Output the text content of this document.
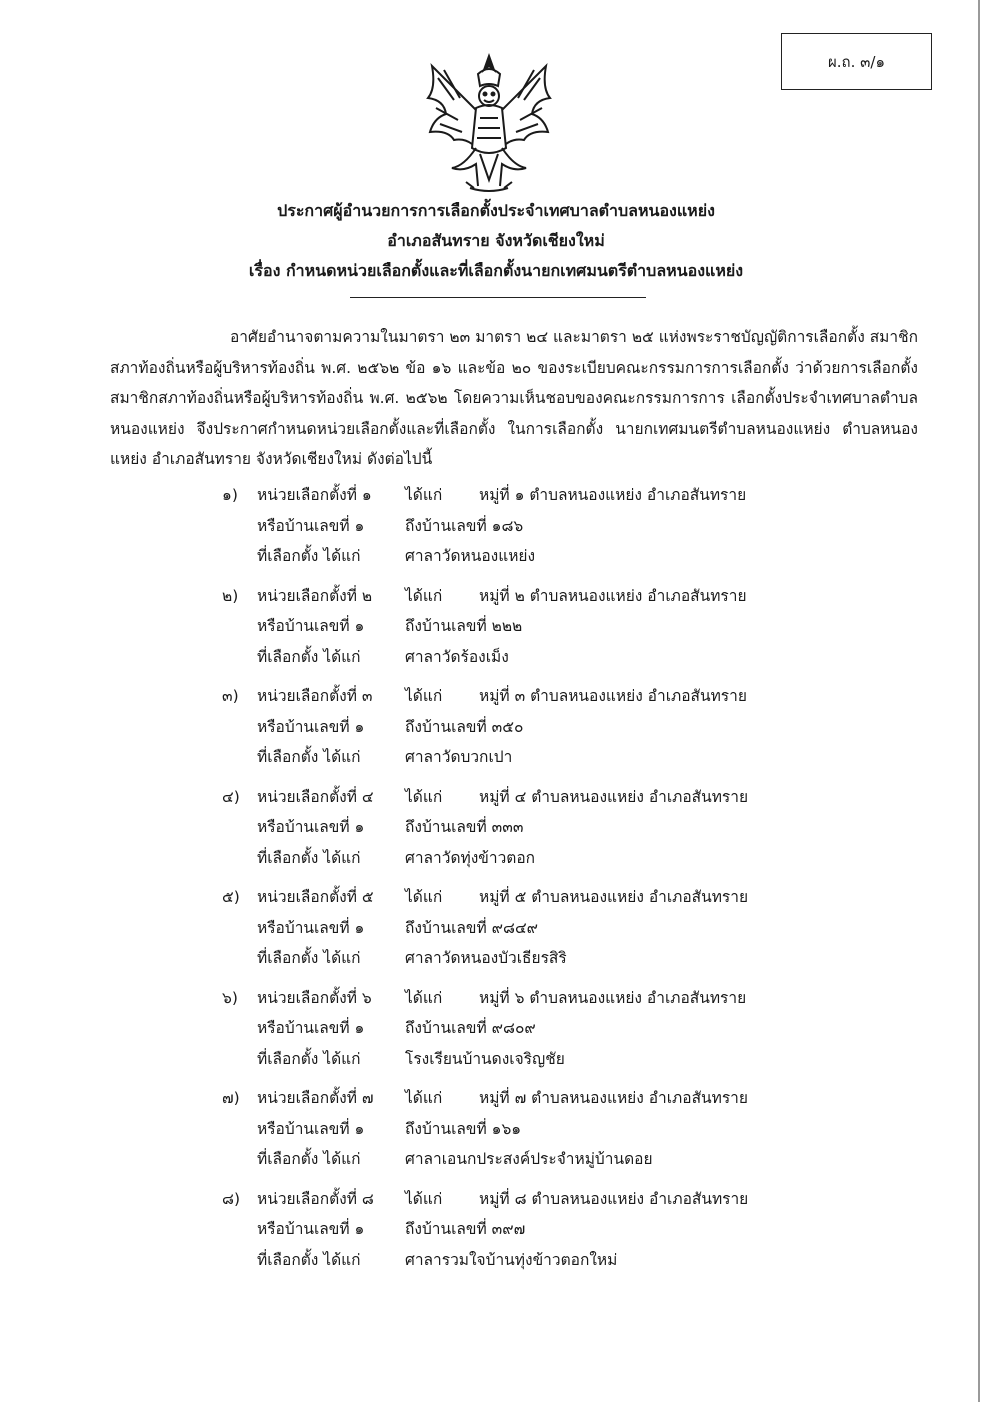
ผ.ถ. ๓/๑
ประกาศผู้อำนวยการการเลือกตั้งประจำเทศบาลตำบลหนองแหย่ง
อำเภอสันทราย จังหวัดเชียงใหม่
เรื่อง กำหนดหน่วยเลือกตั้งและที่เลือกตั้งนายกเทศมนตรีตำบลหนองแหย่ง
อาศัยอำนาจตามความในมาตรา ๒๓ มาตรา ๒๔ และมาตรา ๒๕ แห่งพระราชบัญญัติการเลือกตั้ง สมาชิกสภาท้องถิ่นหรือผู้บริหารท้องถิ่น พ.ศ. ๒๕๖๒ ข้อ ๑๖ และข้อ ๒๐ ของระเบียบคณะกรรมการการเลือกตั้ง ว่าด้วยการเลือกตั้งสมาชิกสภาท้องถิ่นหรือผู้บริหารท้องถิ่น พ.ศ. ๒๕๖๒ โดยความเห็นชอบของคณะกรรมการการ เลือกตั้งประจำเทศบาลตำบลหนองแหย่ง จึงประกาศกำหนดหน่วยเลือกตั้งและที่เลือกตั้ง ในการเลือกตั้ง นายกเทศมนตรีตำบลหนองแหย่ง ตำบลหนองแหย่ง อำเภอสันทราย จังหวัดเชียงใหม่ ดังต่อไปนี้
๑) หน่วยเลือกตั้งที่ ๑ ได้แก่ หมู่ที่ ๑ ตำบลหนองแหย่ง อำเภอสันทราย
หรือบ้านเลขที่ ๑	ถึงบ้านเลขที่ ๑๘๖
ที่เลือกตั้ง ได้แก่	ศาลาวัดหนองแหย่ง
๒) หน่วยเลือกตั้งที่ ๒ ได้แก่ หมู่ที่ ๒ ตำบลหนองแหย่ง อำเภอสันทราย
หรือบ้านเลขที่ ๑	ถึงบ้านเลขที่ ๒๒๒
ที่เลือกตั้ง ได้แก่	ศาลาวัดร้องเม็ง
๓) หน่วยเลือกตั้งที่ ๓ ได้แก่ หมู่ที่ ๓ ตำบลหนองแหย่ง อำเภอสันทราย
หรือบ้านเลขที่ ๑	ถึงบ้านเลขที่ ๓๕๐
ที่เลือกตั้ง ได้แก่	ศาลาวัดบวกเปา
๔) หน่วยเลือกตั้งที่ ๔ ได้แก่ หมู่ที่ ๔ ตำบลหนองแหย่ง อำเภอสันทราย
หรือบ้านเลขที่ ๑	ถึงบ้านเลขที่ ๓๓๓
ที่เลือกตั้ง ได้แก่	ศาลาวัดทุ่งข้าวตอก
๕) หน่วยเลือกตั้งที่ ๕ ได้แก่ หมู่ที่ ๕ ตำบลหนองแหย่ง อำเภอสันทราย
หรือบ้านเลขที่ ๑	ถึงบ้านเลขที่ ๙๘๔๙
ที่เลือกตั้ง ได้แก่	ศาลาวัดหนองบัวเธียรสิริ
๖) หน่วยเลือกตั้งที่ ๖ ได้แก่ หมู่ที่ ๖ ตำบลหนองแหย่ง อำเภอสันทราย
หรือบ้านเลขที่ ๑	ถึงบ้านเลขที่ ๙๘๐๙
ที่เลือกตั้ง ได้แก่	โรงเรียนบ้านดงเจริญชัย
๗) หน่วยเลือกตั้งที่ ๗ ได้แก่ หมู่ที่ ๗ ตำบลหนองแหย่ง อำเภอสันทราย
หรือบ้านเลขที่ ๑	ถึงบ้านเลขที่ ๑๖๑
ที่เลือกตั้ง ได้แก่	ศาลาเอนกประสงค์ประจำหมู่บ้านดอย
๘) หน่วยเลือกตั้งที่ ๘ ได้แก่ หมู่ที่ ๘ ตำบลหนองแหย่ง อำเภอสันทราย
หรือบ้านเลขที่ ๑	ถึงบ้านเลขที่ ๓๙๗
ที่เลือกตั้ง ได้แก่	ศาลารวมใจบ้านทุ่งข้าวตอกใหม่
